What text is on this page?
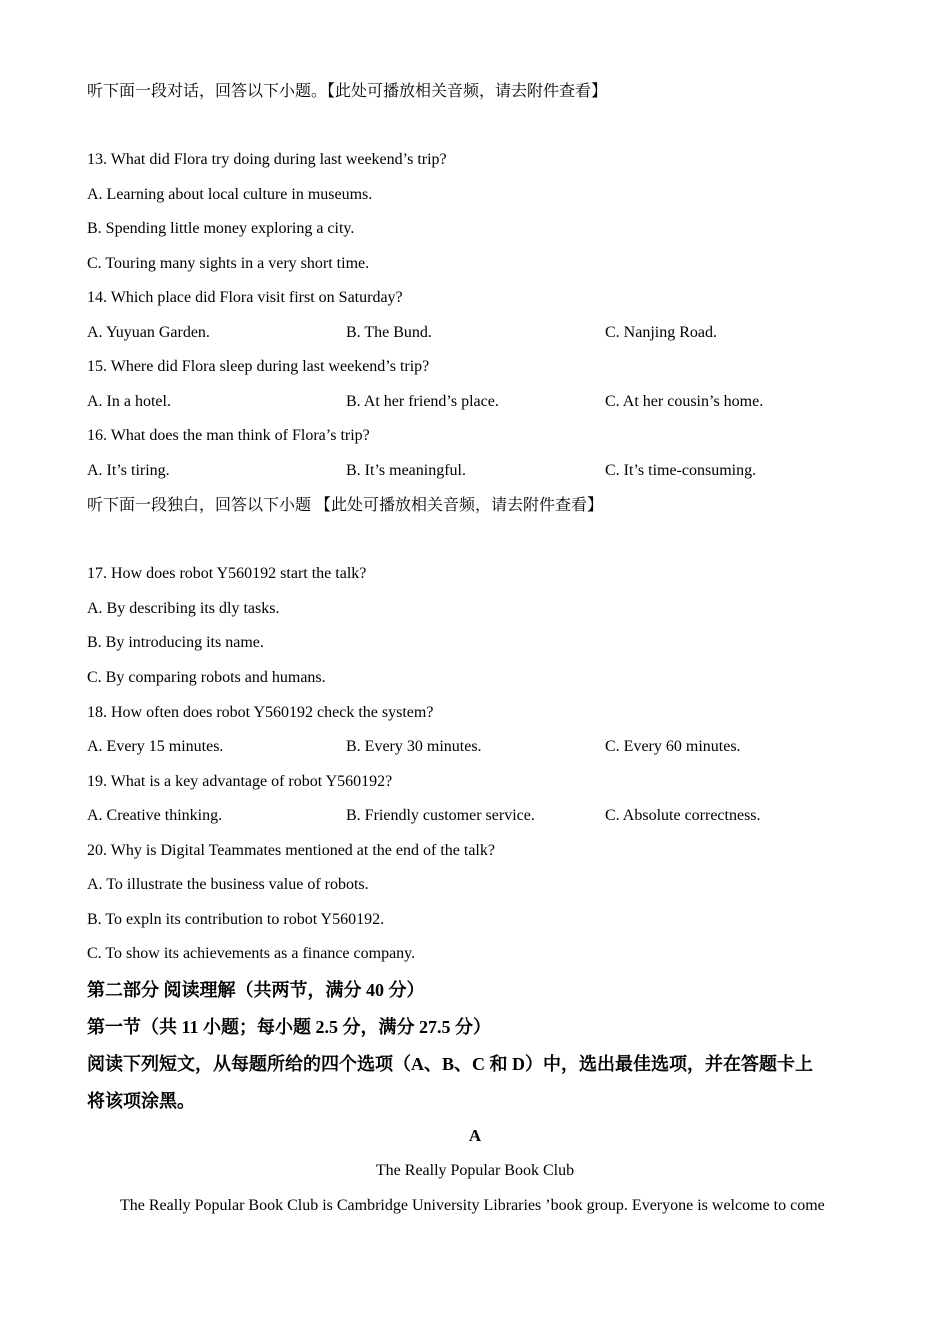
听下面一段对话，回答以下小题。【此处可播放相关音频，请去附件查看】
13. What did Flora try doing during last weekend’s trip?
A. Learning about local culture in museums.
B. Spending little money exploring a city.
C. Touring many sights in a very short time.
14. Which place did Flora visit first on Saturday?
A. Yuyuan Garden.	B. The Bund.	C. Nanjing Road.
15. Where did Flora sleep during last weekend’s trip?
A. In a hotel.	B. At her friend’s place.	C. At her cousin’s home.
16. What does the man think of Flora’s trip?
A. It’s tiring.	B. It’s meaningful.	C. It’s time-consuming.
听下面一段独白，回答以下小题 【此处可播放相关音频，请去附件查看】
17. How does robot Y560192 start the talk?
A. By describing its dly tasks.
B. By introducing its name.
C. By comparing robots and humans.
18. How often does robot Y560192 check the system?
A. Every 15 minutes.	B. Every 30 minutes.	C. Every 60 minutes.
19. What is a key advantage of robot Y560192?
A. Creative thinking.	B. Friendly customer service.	C. Absolute correctness.
20. Why is Digital Teammates mentioned at the end of the talk?
A. To illustrate the business value of robots.
B. To expln its contribution to robot Y560192.
C. To show its achievements as a finance company.
第二部分 阅读理解（共两节，满分 40 分）
第一节（共 11 小题；每小题 2.5 分，满分 27.5 分）
阅读下列短文，从每题所给的四个选项（A、B、C 和 D）中，选出最佳选项，并在答题卡上
将该项涂黑。
A
The Really Popular Book Club
The Really Popular Book Club is Cambridge University Libraries ’book group. Everyone is welcome to come
